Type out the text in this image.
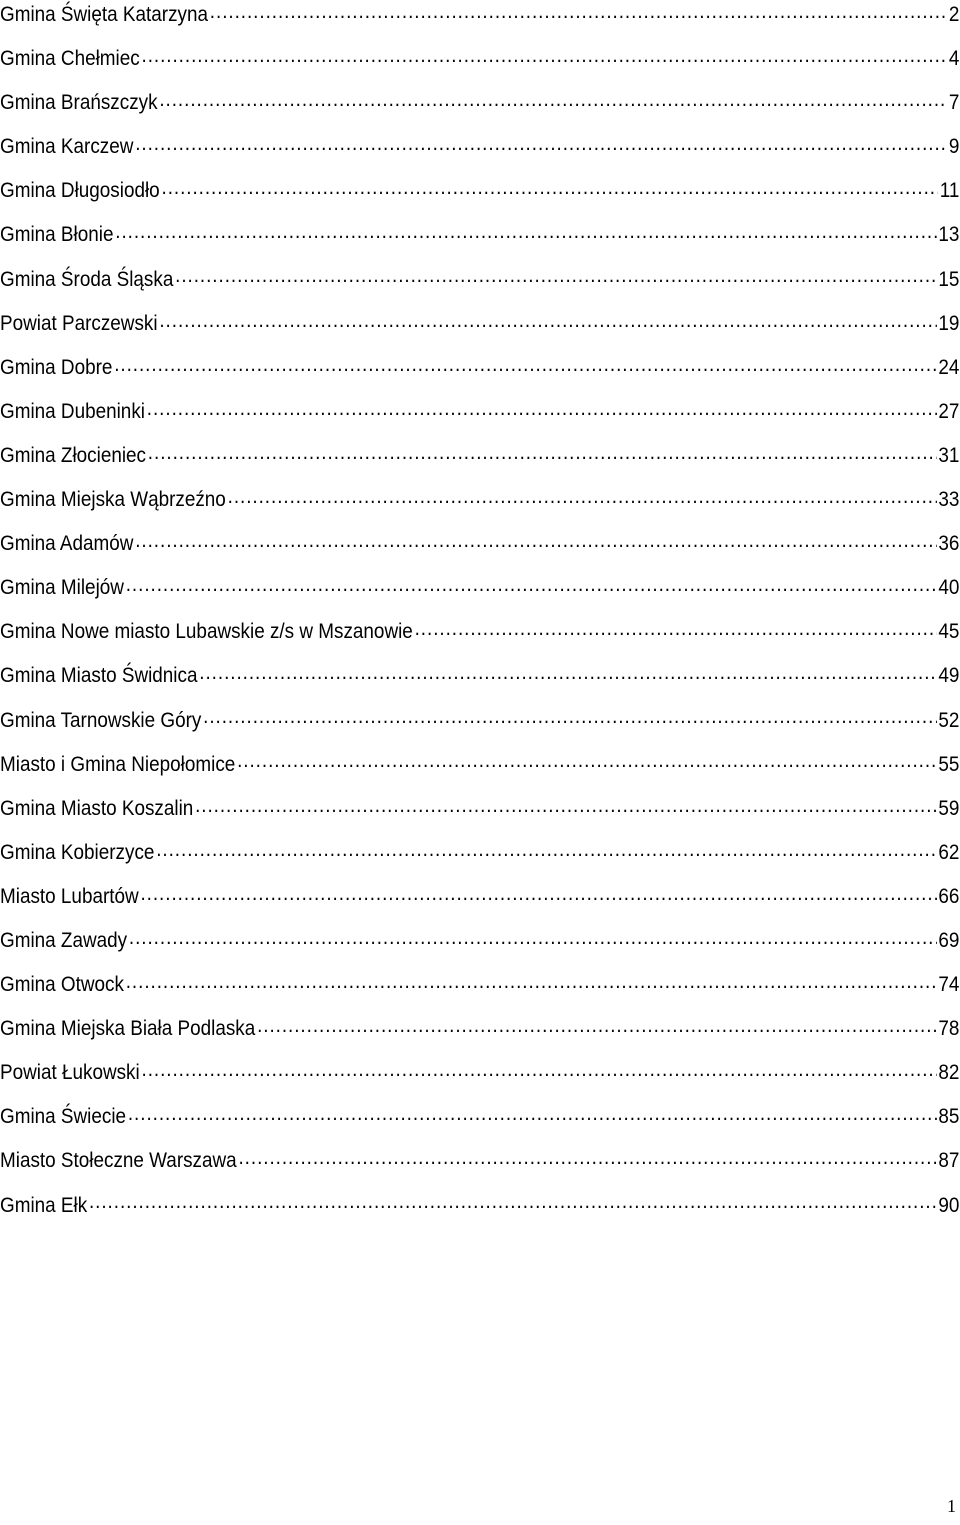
Gmina Święta Katarzyna .....	2
Gmina Chełmiec .....	4
Gmina Brańszczyk .....	7
Gmina Karczew .....	9
Gmina Długosiodło .....	11
Gmina Błonie .....	13
Gmina Środa Śląska .....	15
Powiat Parczewski .....	19
Gmina Dobre .....	24
Gmina Dubeninki .....	27
Gmina Złocieniec .....	31
Gmina Miejska Wąbrzeźno .....	33
Gmina Adamów .....	36
Gmina Milejów .....	40
Gmina Nowe miasto Lubawskie z/s w Mszanowie .....	45
Gmina Miasto Świdnica .....	49
Gmina Tarnowskie Góry .....	52
Miasto i Gmina Niepołomice .....	55
Gmina Miasto Koszalin .....	59
Gmina Kobierzyce .....	62
Miasto Lubartów .....	66
Gmina Zawady .....	69
Gmina Otwock .....	74
Gmina Miejska Biała Podlaska .....	78
Powiat Łukowski .....	82
Gmina Świecie .....	85
Miasto Stołeczne Warszawa .....	87
Gmina Ełk .....	90
1
